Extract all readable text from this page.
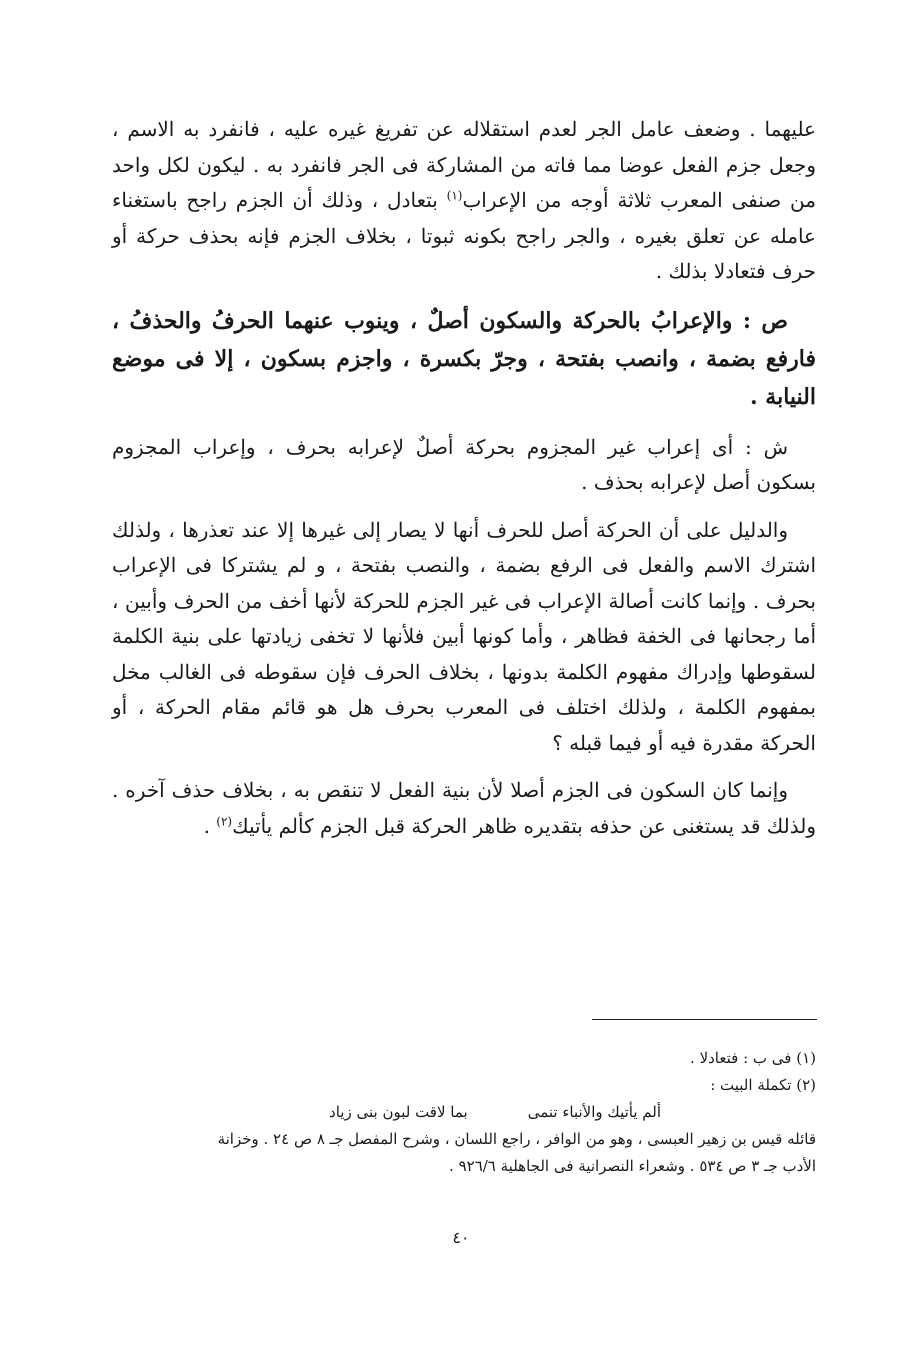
عليهما . وضعف عامل الجر لعدم استقلاله عن تفريغ غيره عليه ، فانفرد به الاسم ، وجعل جزم الفعل عوضا مما فاته من المشاركة فى الجر فانفرد به . ليكون لكل واحد من صنفى المعرب ثلاثة أوجه من الإعراب$^{(١)}$ بتعادل ، وذلك أن الجزم راجح باستغناء عامله عن تعلق بغيره ، والجر راجح بكونه ثبوتا ، بخلاف الجزم فإنه بحذف حركة أو حرف فتعادلا بذلك .

ص : والإعرابُ بالحركة والسكون أصلٌ ، وينوب عنهما الحرفُ والحذفُ ، فارفع بضمة ، وانصب بفتحة ، وجرّ بكسرة ، واجزم بسكون ، إلا فى موضع النيابة .

ش : أى إعراب غير المجزوم بحركة أصلٌ لإعرابه بحرف ، وإعراب المجزوم بسكون أصل لإعرابه بحذف .

والدليل على أن الحركة أصل للحرف أنها لا يصار إلى غيرها إلا عند تعذرها ، ولذلك اشترك الاسم والفعل فى الرفع بضمة ، والنصب بفتحة ، و لم يشتركا فى الإعراب بحرف . وإنما كانت أصالة الإعراب فى غير الجزم للحركة لأنها أخف من الحرف وأبين ، أما رجحانها فى الخفة فظاهر ، وأما كونها أبين فلأنها لا تخفى زيادتها على بنية الكلمة لسقوطها وإدراك مفهوم الكلمة بدونها ، بخلاف الحرف فإن سقوطه فى الغالب مخل بمفهوم الكلمة ، ولذلك اختلف فى المعرب بحرف هل هو قائم مقام الحركة ، أو الحركة مقدرة فيه أو فيما قبله ؟

وإنما كان السكون فى الجزم أصلا لأن بنية الفعل لا تنقص به ، بخلاف حذف آخره . ولذلك قد يستغنى عن حذفه بتقديره ظاهر الحركة قبل الجزم كألم يأتيك$^{(٢)}$ .

(١) فى ب : فتعادلا .

(٢) تكملة البيت :

ألم يأتيك والأنباء تنمى
بما لاقت لبون بنى زياد

قائله قيس بن زهير العبسى ، وهو من الوافر ، راجع اللسان ، وشرح المفصل جـ ٨ ص ٢٤ . وخزانة

الأدب جـ ٣ ص ٥٣٤ . وشعراء النصرانية فى الجاهلية ٩٢٦/٦ .

٤٠
